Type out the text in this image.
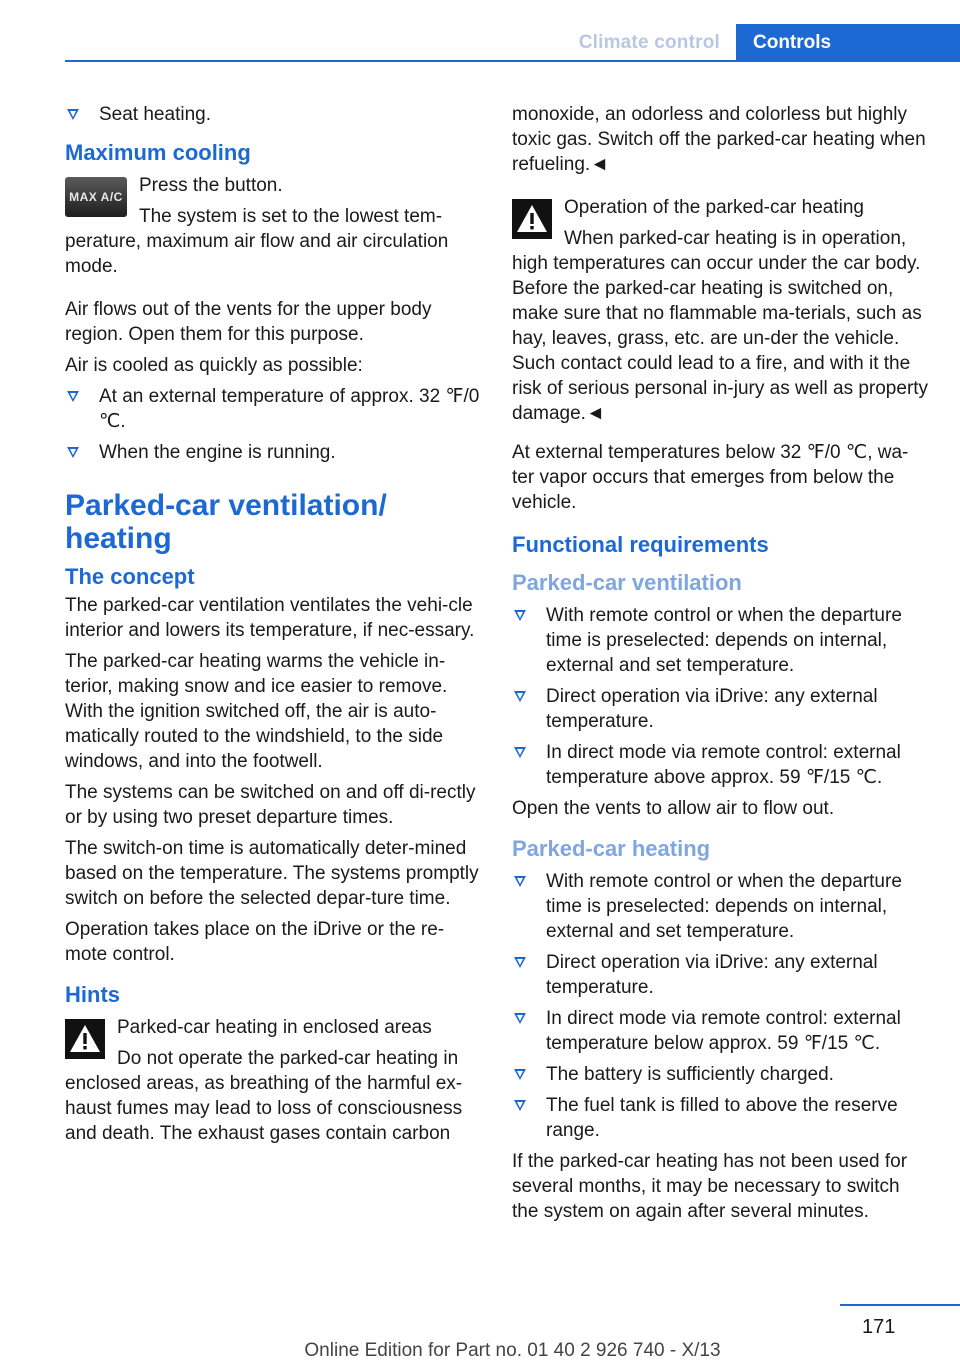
Climate control	Controls
Seat heating.
Maximum cooling
MAX A/C

Press the button.

The system is set to the lowest tem-perature, maximum air flow and air circulation mode.

Air flows out of the vents for the upper body region. Open them for this purpose.

Air is cooled as quickly as possible:

At an external temperature of approx. 32 ℉/0 ℃.
When the engine is running.
Parked-car ventilation/ heating
The concept

The parked-car ventilation ventilates the vehi-cle interior and lowers its temperature, if nec-essary.

The parked-car heating warms the vehicle in-terior, making snow and ice easier to remove. With the ignition switched off, the air is auto-matically routed to the windshield, to the side windows, and into the footwell.

The systems can be switched on and off di-rectly or by using two preset departure times.

The switch-on time is automatically deter-mined based on the temperature. The systems promptly switch on before the selected depar-ture time.

Operation takes place on the iDrive or the re-mote control.

Hints

Parked-car heating in enclosed areas

Do not operate the parked-car heating in enclosed areas, as breathing of the harmful ex-haust fumes may lead to loss of consciousness and death. The exhaust gases contain carbon

monoxide, an odorless and colorless but highly toxic gas. Switch off the parked-car heating when refueling.◄

Operation of the parked-car heating

When parked-car heating is in operation, high temperatures can occur under the car body. Before the parked-car heating is switched on, make sure that no flammable ma-terials, such as hay, leaves, grass, etc. are un-der the vehicle. Such contact could lead to a fire, and with it the risk of serious personal in-jury as well as property damage.◄

At external temperatures below 32 ℉/0 ℃, wa-ter vapor occurs that emerges from below the vehicle.

Functional requirements
Parked-car ventilation
With remote control or when the departure time is preselected: depends on internal, external and set temperature.
Direct operation via iDrive: any external temperature.
In direct mode via remote control: external temperature above approx. 59 ℉/15 ℃.

Open the vents to allow air to flow out.

Parked-car heating
With remote control or when the departure time is preselected: depends on internal, external and set temperature.
Direct operation via iDrive: any external temperature.
In direct mode via remote control: external temperature below approx. 59 ℉/15 ℃.
The battery is sufficiently charged.
The fuel tank is filled to above the reserve range.

If the parked-car heating has not been used for several months, it may be necessary to switch the system on again after several minutes.

171
Online Edition for Part no. 01 40 2 926 740 - X/13
